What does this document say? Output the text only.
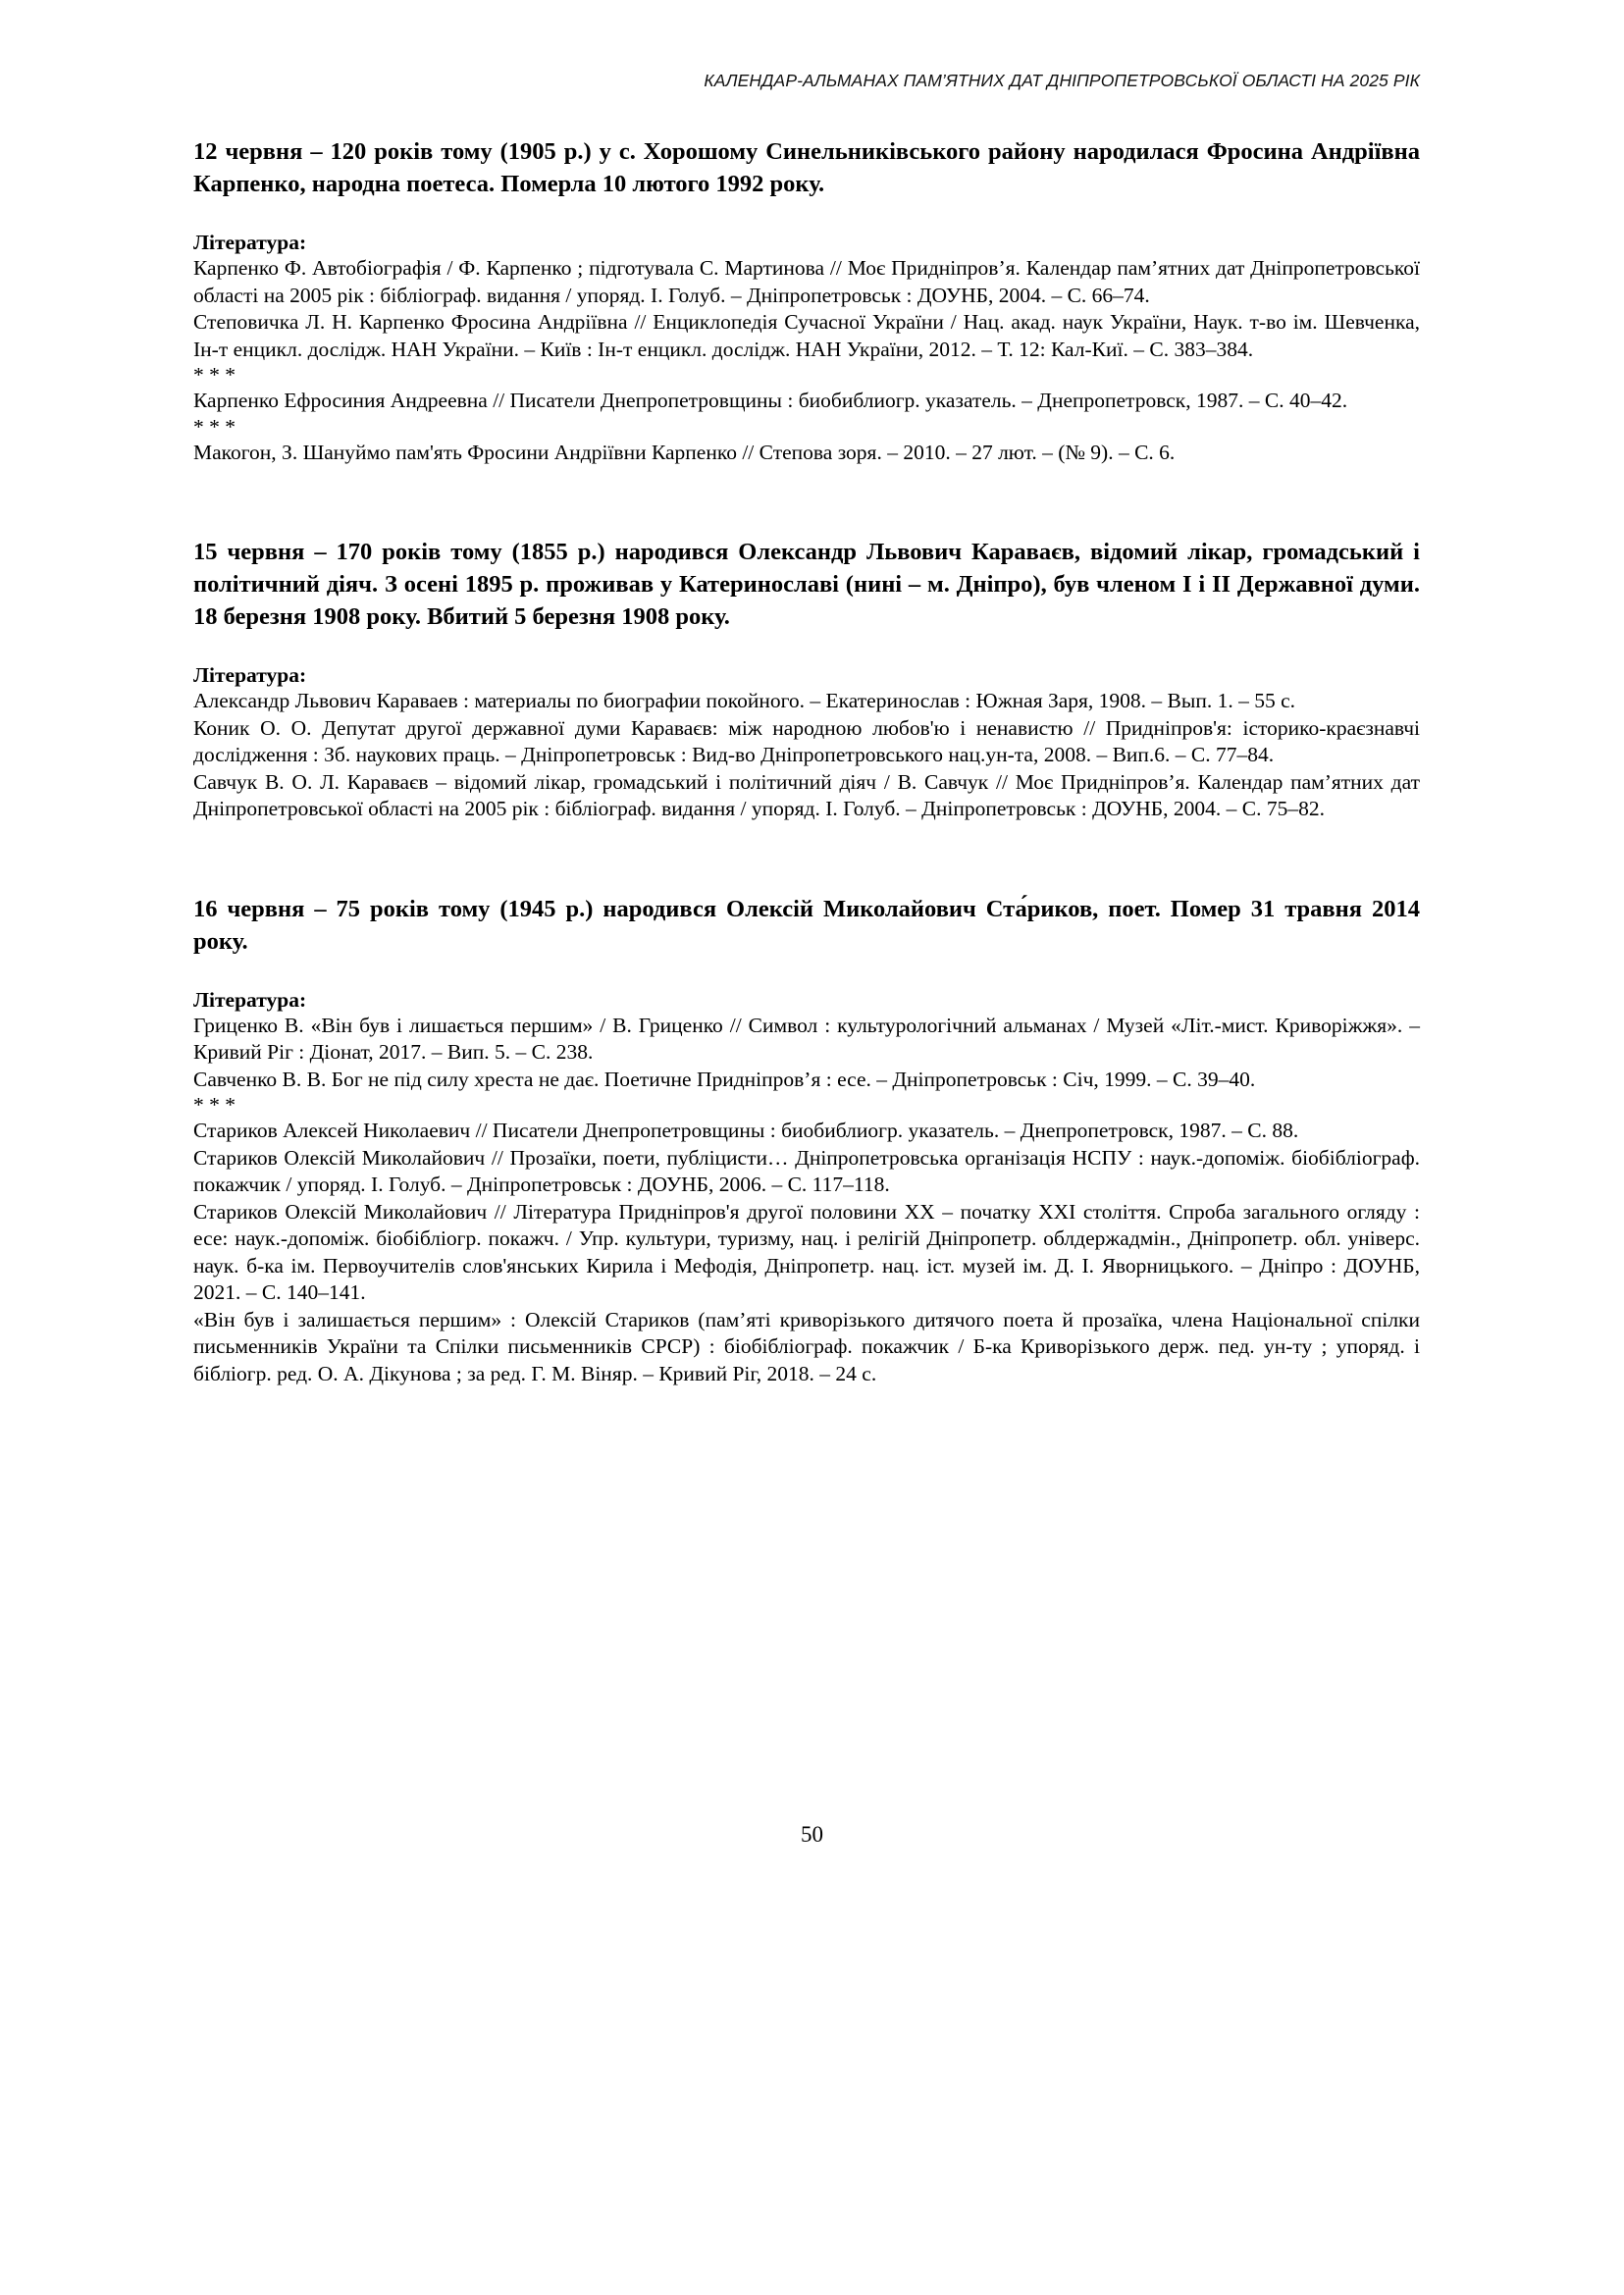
КАЛЕНДАР-АЛЬМАНАХ ПАМ’ЯТНИХ ДАТ ДНІПРОПЕТРОВСЬКОЇ ОБЛАСТІ НА 2025 РІК

12 червня – 120 років тому (1905 р.) у с. Хорошому Синельниківського району народилася Фросина Андріївна Карпенко, народна поетеса. Померла 10 лютого 1992 року.

Література:

Карпенко Ф. Автобіографія / Ф. Карпенко ; підготувала С. Мартинова // Моє Придніпров’я. Календар пам’ятних дат Дніпропетровської області на 2005 рік : бібліограф. видання / упоряд. І. Голуб. – Дніпропетровськ : ДОУНБ, 2004. – С. 66–74.

Степовичка Л. Н. Карпенко Фросина Андріївна // Енциклопедія Сучасної України / Нац. акад. наук України, Наук. т-во ім. Шевченка, Ін-т енцикл. дослідж. НАН України. – Київ : Ін-т енцикл. дослідж. НАН України, 2012. – Т. 12: Кал-Киї. – С. 383–384.

* * *

Карпенко Ефросиния Андреевна // Писатели Днепропетровщины : биобиблиогр. указатель. – Днепропетровск, 1987. – С. 40–42.

* * *

Макогон, З. Шануймо пам'ять Фросини Андріївни Карпенко // Степова зоря. – 2010. – 27 лют. – (№ 9). – С. 6.

15 червня – 170 років тому (1855 р.) народився Олександр Львович Караваєв, відомий лікар, громадський і політичний діяч. З осені 1895 р. проживав у Катеринославі (нині – м. Дніпро), був членом І і ІІ Державної думи. 18 березня 1908 року. Вбитий 5 березня 1908 року.

Література:

Александр Львович Караваев : материалы по биографии покойного. – Екатеринослав : Южная Заря, 1908. – Вып. 1. – 55 с.

Коник О. О. Депутат другої державної думи Караваєв: між народною любов'ю і ненавистю // Придніпров'я: історико-краєзнавчі дослідження : Зб. наукових праць. – Дніпропетровськ : Вид-во Дніпропетровського нац.ун-та, 2008. – Вип.6. – С. 77–84.

Савчук В. О. Л. Караваєв – відомий лікар, громадський і політичний діяч / В. Савчук // Моє Придніпров’я. Календар пам’ятних дат Дніпропетровської області на 2005 рік : бібліограф. видання / упоряд. І. Голуб. – Дніпропетровськ : ДОУНБ, 2004. – С. 75–82.

16 червня – 75 років тому (1945 р.) народився Олексій Миколайович Ста́риков, поет. Помер 31 травня 2014 року.

Література:

Гриценко В. «Він був і лишається першим» / В. Гриценко // Символ : культурологічний альманах / Музей «Літ.-мист. Криворіжжя». – Кривий Ріг : Діонат, 2017. – Вип. 5. – С. 238.

Савченко В. В. Бог не під силу хреста не дає. Поетичне Придніпров’я : есе. – Дніпропетровськ : Січ, 1999. – С. 39–40.

* * *

Стариков Алексей Николаевич // Писатели Днепропетровщины : биобиблиогр. указатель. – Днепропетровск, 1987. – С. 88.

Стариков Олексій Миколайович // Прозаїки, поети, публіцисти… Дніпропетровська організація НСПУ : наук.-допоміж. біобібліограф. покажчик / упоряд. І. Голуб. – Дніпропетровськ : ДОУНБ, 2006. – С. 117–118.

Стариков Олексій Миколайович // Література Придніпров'я другої половини ХХ – початку ХХІ століття. Спроба загального огляду : есе: наук.-допоміж. біобібліогр. покажч. / Упр. культури, туризму, нац. і релігій Дніпропетр. облдержадмін., Дніпропетр. обл. універс. наук. б-ка ім. Первоучителів слов'янських Кирила і Мефодія, Дніпропетр. нац. іст. музей ім. Д. І. Яворницького. – Дніпро : ДОУНБ, 2021. – С. 140–141.

«Він був і залишається першим» : Олексій Стариков (пам’яті криворізького дитячого поета й прозаїка, члена Національної спілки письменників України та Спілки письменників СРСР) : біобібліограф. покажчик / Б-ка Криворізького держ. пед. ун-ту ; упоряд. і бібліогр. ред. О. А. Дікунова ; за ред. Г. М. Віняр. – Кривий Ріг, 2018. – 24 с.

50
